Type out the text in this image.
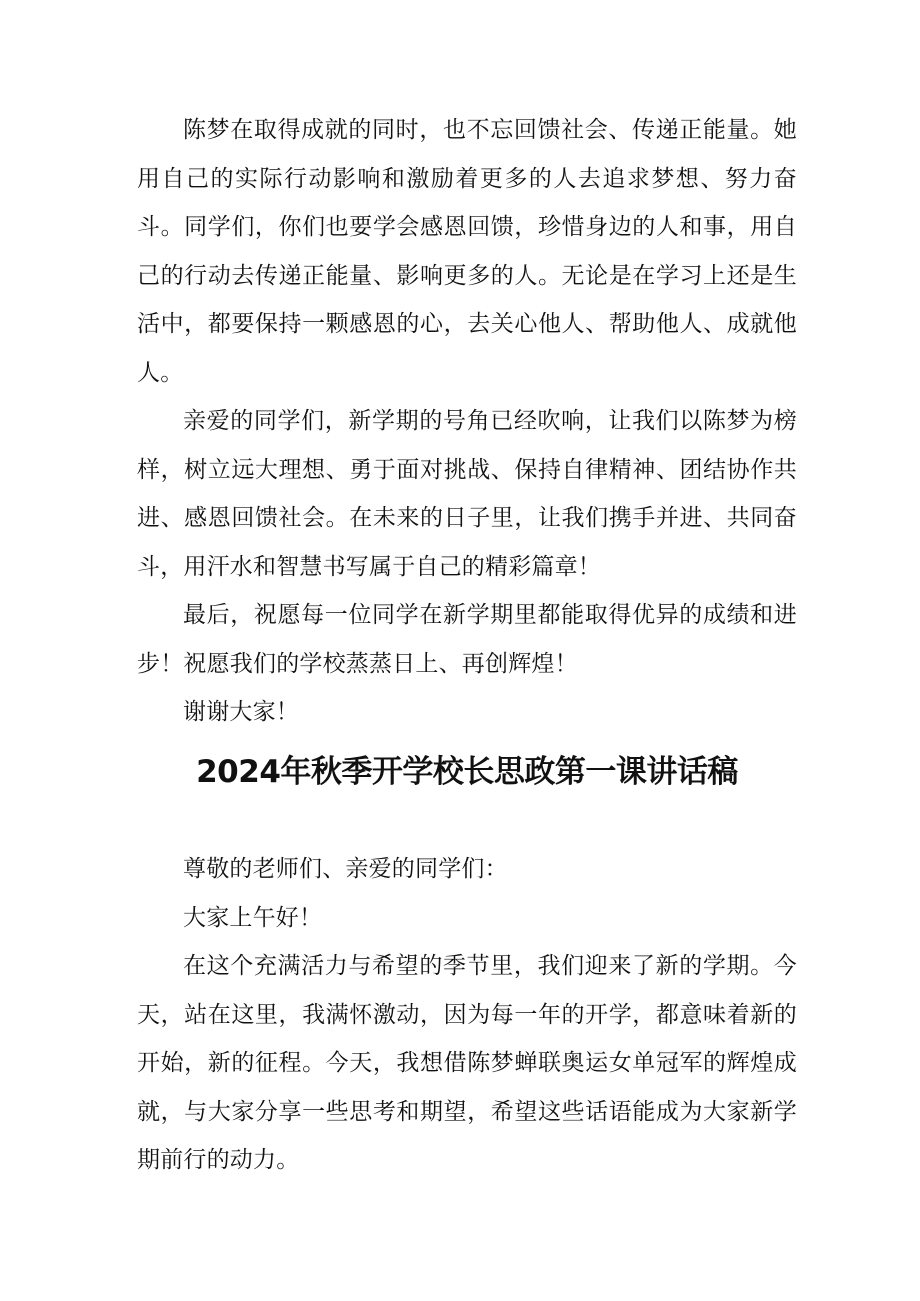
陈梦在取得成就的同时，也不忘回馈社会、传递正能量。她用自己的实际行动影响和激励着更多的人去追求梦想、努力奋斗。同学们，你们也要学会感恩回馈，珍惜身边的人和事，用自己的行动去传递正能量、影响更多的人。无论是在学习上还是生活中，都要保持一颗感恩的心，去关心他人、帮助他人、成就他人。

亲爱的同学们，新学期的号角已经吹响，让我们以陈梦为榜样，树立远大理想、勇于面对挑战、保持自律精神、团结协作共进、感恩回馈社会。在未来的日子里，让我们携手并进、共同奋斗，用汗水和智慧书写属于自己的精彩篇章！

最后，祝愿每一位同学在新学期里都能取得优异的成绩和进步！祝愿我们的学校蒸蒸日上、再创辉煌！

谢谢大家！

2024年秋季开学校长思政第一课讲话稿

尊敬的老师们、亲爱的同学们：

大家上午好！

在这个充满活力与希望的季节里，我们迎来了新的学期。今天，站在这里，我满怀激动，因为每一年的开学，都意味着新的开始，新的征程。今天，我想借陈梦蝉联奥运女单冠军的辉煌成就，与大家分享一些思考和期望，希望这些话语能成为大家新学期前行的动力。
